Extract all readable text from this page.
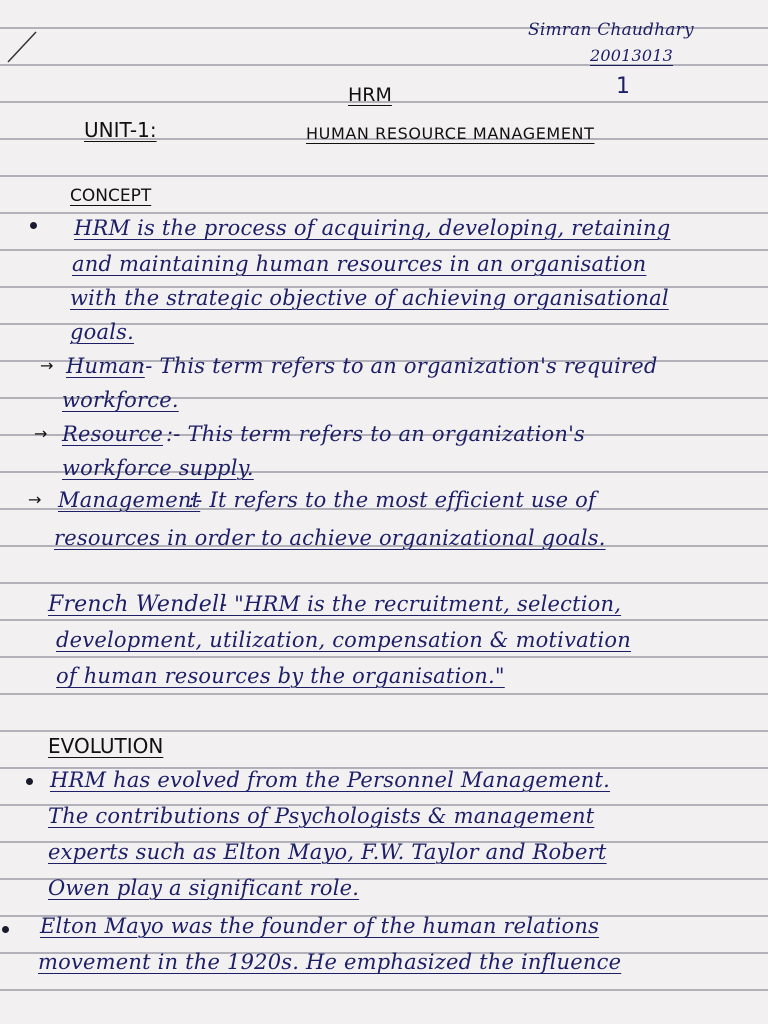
Simran Chaudhary
20013013
1
HRM
UNIT-1:	HUMAN RESOURCE MANAGEMENT
CONCEPT
HRM is the process of acquiring, developing, retaining
and maintaining human resources in an organisation
with the strategic objective of achieving organisational
goals.
→ Human
:- This term refers to an organization's required
workforce.
→ Resource :- This term refers to an organization's
workforce supply.
→ Management
:- It refers to the most efficient use of
resources in order to achieve organizational goals.
French Wendell
- "HRM is the recruitment, selection,
development, utilization, compensation & motivation
of human resources by the organisation."
EVOLUTION
HRM has evolved from the Personnel Management.
The contributions of Psychologists & management
experts such as Elton Mayo, F.W. Taylor and Robert
Owen play a significant role.
Elton Mayo was the founder of the human relations
movement in the 1920s. He emphasized the influence
